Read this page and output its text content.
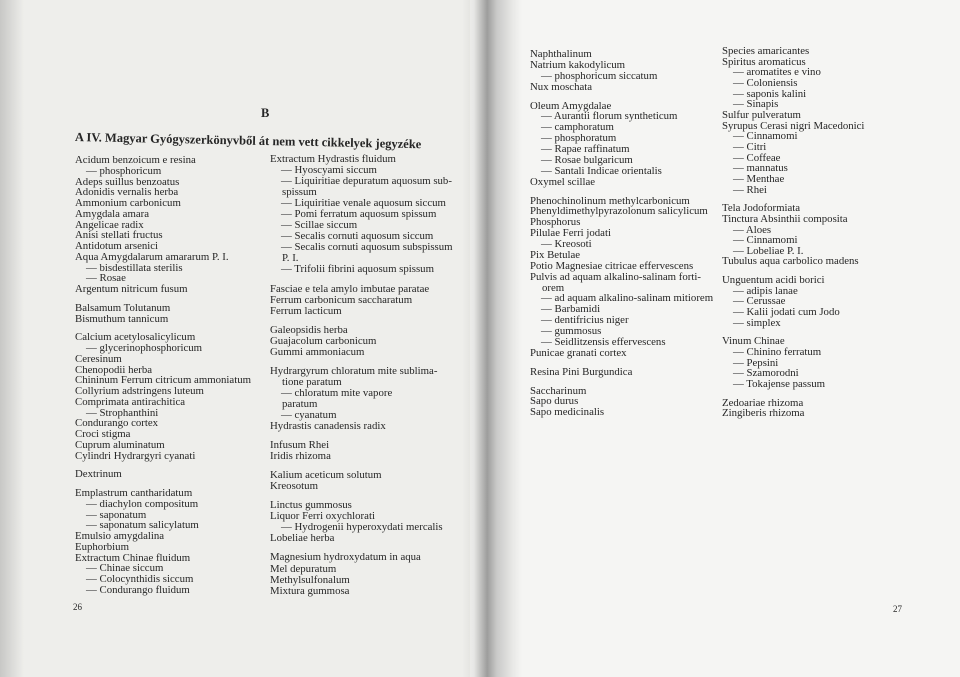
B
A IV. Magyar Gyógyszerkönyvből át nem vett cikkelyek jegyzéke
Acidum benzoicum e resina
— phosphoricum
Adeps suillus benzoatus
Adonidis vernalis herba
Ammonium carbonicum
Amygdala amara
Angelicae radix
Anisi stellati fructus
Antidotum arsenici
Aqua Amygdalarum amararum P. I.
— bisdestillata sterilis
— Rosae
Argentum nitricum fusum
Balsamum Tolutanum
Bismuthum tannicum
Calcium acetylosalicylicum
— glycerinophosphoricum
Ceresinum
Chenopodii herba
Chininum Ferrum citricum ammoniatum
Collyrium adstringens luteum
Comprimata antirachitica
— Strophanthini
Condurango cortex
Croci stigma
Cuprum aluminatum
Cylindri Hydrargyri cyanati
Dextrinum
Emplastrum cantharidatum
— diachylon compositum
— saponatum
— saponatum salicylatum
Emulsio amygdalina
Euphorbium
Extractum Chinae fluidum
— Chinae siccum
— Colocynthidis siccum
— Condurango fluidum
Extractum Hydrastis fluidum
— Hyoscyami siccum
— Liquiritiae depuratum aquosum sub-
spissum
— Liquiritiae venale aquosum siccum
— Pomi ferratum aquosum spissum
— Scillae siccum
— Secalis cornuti aquosum siccum
— Secalis cornuti aquosum subspissum
P. I.
— Trifolii fibrini aquosum spissum
Fasciae e tela amylo imbutae paratae
Ferrum carbonicum saccharatum
Ferrum lacticum
Galeopsidis herba
Guajacolum carbonicum
Gummi ammoniacum
Hydrargyrum chloratum mite sublima-
tione paratum
— chloratum mite vapore
paratum
— cyanatum
Hydrastis canadensis radix
Infusum Rhei
Iridis rhizoma
Kalium aceticum solutum
Kreosotum
Linctus gummosus
Liquor Ferri oxychlorati
— Hydrogenii hyperoxydati mercalis
Lobeliae herba
Magnesium hydroxydatum in aqua
Mel depuratum
Methylsulfonalum
Mixtura gummosa
26
Naphthalinum
Natrium kakodylicum
— phosphoricum siccatum
Nux moschata
Oleum Amygdalae
— Aurantii florum syntheticum
— camphoratum
— phosphoratum
— Rapae raffinatum
— Rosae bulgaricum
— Santali Indicae orientalis
Oxymel scillae
Phenochinolinum methylcarbonicum
Phenyldimethylpyrazolonum salicylicum
Phosphorus
Pilulae Ferri jodati
— Kreosoti
Pix Betulae
Potio Magnesiae citricae effervescens
Pulvis ad aquam alkalino-salinam forti-
orem
— ad aquam alkalino-salinam mitiorem
— Barbamidi
— dentifricius niger
— gummosus
— Seidlitzensis effervescens
Punicae granati cortex
Resina Pini Burgundica
Saccharinum
Sapo durus
Sapo medicinalis
Species amaricantes
Spiritus aromaticus
— aromatites e vino
— Coloniensis
— saponis kalini
— Sinapis
Sulfur pulveratum
Syrupus Cerasi nigri Macedonici
— Cinnamomi
— Citri
— Coffeae
— mannatus
— Menthae
— Rhei
Tela Jodoformiata
Tinctura Absinthii composita
— Aloes
— Cinnamomi
— Lobeliae P. I.
Tubulus aqua carbolico madens
Unguentum acidi borici
— adipis lanae
— Cerussae
— Kalii jodati cum Jodo
— simplex
Vinum Chinae
— Chinino ferratum
— Pepsini
— Szamorodni
— Tokajense passum
Zedoariae rhizoma
Zingiberis rhizoma
27
